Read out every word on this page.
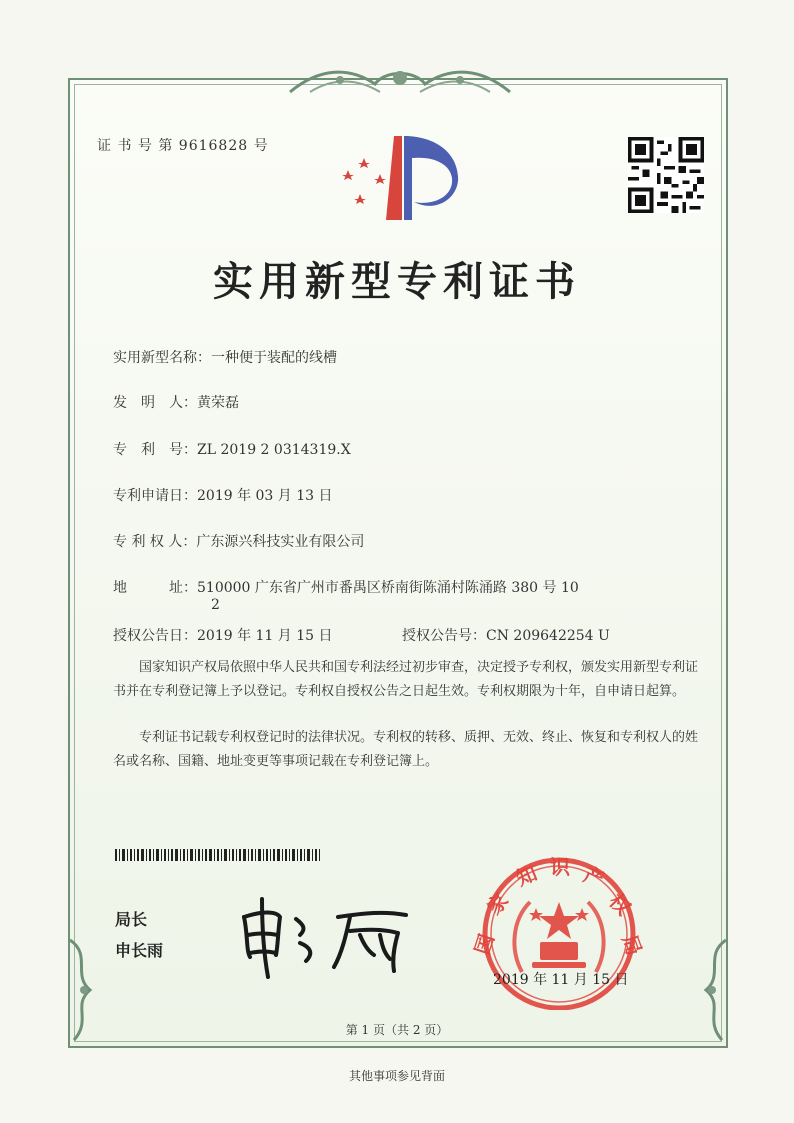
证 书 号 第 9616828 号
实用新型专利证书
实用新型名称：一种便于装配的线槽
发　明　人：黄荣磊
专　利　号：ZL 2019 2 0314319.X
专利申请日：2019 年 03 月 13 日
专 利 权 人：广东源兴科技实业有限公司
地　　　址：510000 广东省广州市番禺区桥南街陈涌村陈涌路 380 号 10
2
授权公告日：2019 年 11 月 15 日	授权公告号：CN 209642254 U
国家知识产权局依照中华人民共和国专利法经过初步审查，决定授予专利权，颁发实用新型专利证书并在专利登记簿上予以登记。专利权自授权公告之日起生效。专利权期限为十年，自申请日起算。
专利证书记载专利权登记时的法律状况。专利权的转移、质押、无效、终止、恢复和专利权人的姓名或名称、国籍、地址变更等事项记载在专利登记簿上。
局长
申长雨	国
家
知 识 产
权
局
2019 年 11 月 15 日
第 1 页（共 2 页）
其他事项参见背面
